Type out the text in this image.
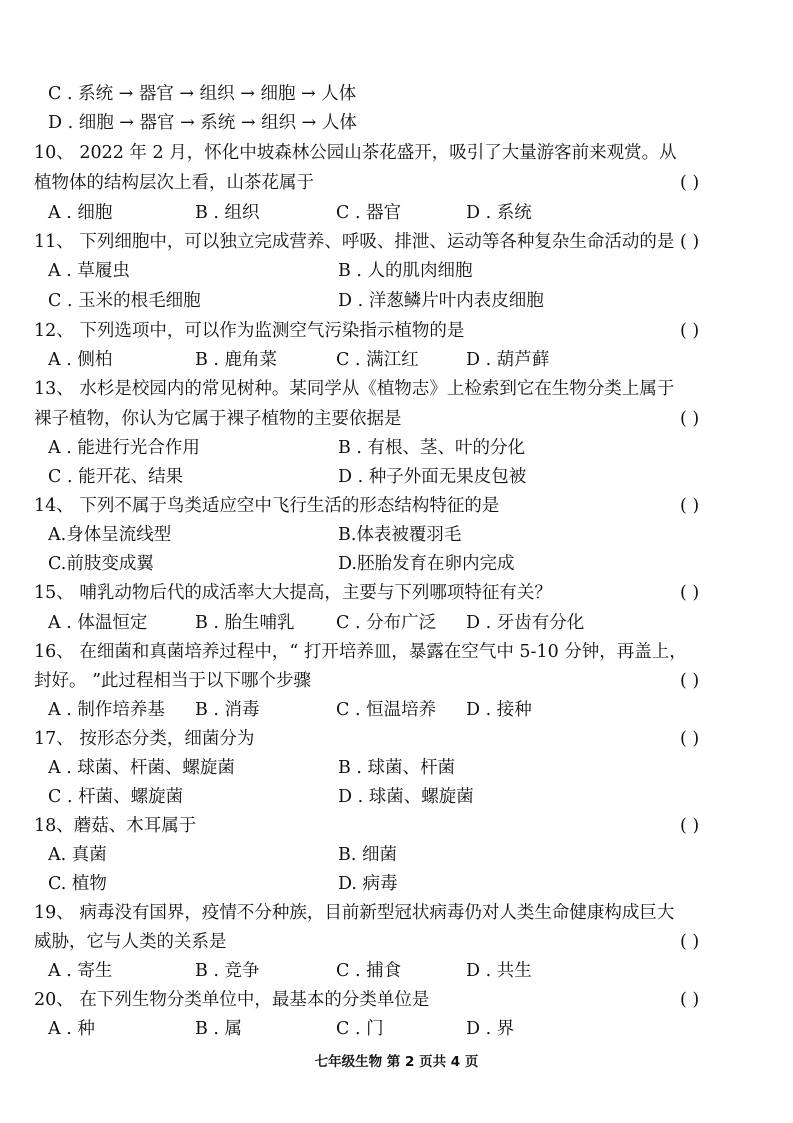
C . 系统 → 器官 → 组织 → 细胞 → 人体
D . 细胞 → 器官 → 系统 → 组织 → 人体
10、 2022 年 2 月，怀化中坡森林公园山茶花盛开，吸引了大量游客前来观赏。从
植物体的结构层次上看，山茶花属于	( )
A . 细胞	B . 组织	C . 器官	D . 系统
11、 下列细胞中，可以独立完成营养、呼吸、排泄、运动等各种复杂生命活动的是 ( )
A . 草履虫	B . 人的肌肉细胞
C . 玉米的根毛细胞	D . 洋葱鳞片叶内表皮细胞
12、 下列选项中，可以作为监测空气污染指示植物的是	( )
A . 侧柏	B . 鹿角菜	C . 满江红	D . 葫芦藓
13、 水杉是校园内的常见树种。某同学从《植物志》上检索到它在生物分类上属于
裸子植物，你认为它属于裸子植物的主要依据是	( )
A . 能进行光合作用	B . 有根、茎、叶的分化
C . 能开花、结果	D . 种子外面无果皮包被
14、 下列不属于鸟类适应空中飞行生活的形态结构特征的是	( )
A.身体呈流线型	B.体表被覆羽毛
C.前肢变成翼	D.胚胎发育在卵内完成
15、 哺乳动物后代的成活率大大提高，主要与下列哪项特征有关？	( )
A . 体温恒定	B . 胎生哺乳 C . 分布广泛 D . 牙齿有分化
16、 在细菌和真菌培养过程中，“ 打开培养皿，暴露在空气中 5-10 分钟，再盖上，
封好。 ”此过程相当于以下哪个步骤	( )
A . 制作培养基 B . 消毒	C . 恒温培养 D . 接种
17、 按形态分类，细菌分为	( )
A . 球菌、杆菌、螺旋菌	B . 球菌、杆菌
C . 杆菌、螺旋菌	D . 球菌、螺旋菌
18、蘑菇、木耳属于	( )
A. 真菌	B. 细菌
C. 植物	D. 病毒
19、 病毒没有国界，疫情不分种族，目前新型冠状病毒仍对人类生命健康构成巨大
威胁，它与人类的关系是	( )
A . 寄生	B . 竞争	C . 捕食	D . 共生
20、 在下列生物分类单位中，最基本的分类单位是	( )
A . 种	B . 属	C . 门	D . 界
七年级生物 第 2 页共 4 页
